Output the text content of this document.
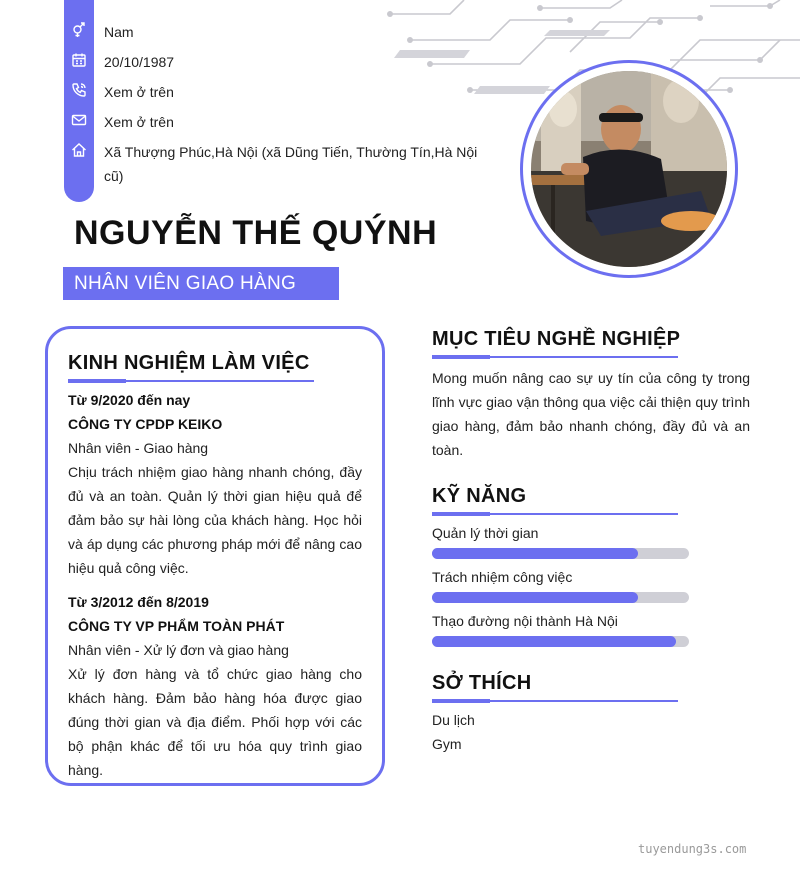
Nam
20/10/1987
Xem ở trên
Xem ở trên
Xã Thượng Phúc,Hà Nội (xã Dũng Tiến, Thường Tín,Hà Nội
cũ)
NGUYỄN THẾ QUÝNH
NHÂN VIÊN GIAO HÀNG
KINH NGHIỆM LÀM VIỆC
Từ 9/2020 đến nay
CÔNG TY CPDP KEIKO
Nhân viên - Giao hàng
Chịu trách nhiệm giao hàng nhanh chóng, đầy đủ và an toàn. Quản lý thời gian hiệu quả để đảm bảo sự hài lòng của khách hàng. Học hỏi và áp dụng các phương pháp mới để nâng cao hiệu quả công việc.
Từ 3/2012 đến 8/2019
CÔNG TY VP PHẨM TOÀN PHÁT
Nhân viên - Xử lý đơn và giao hàng
Xử lý đơn hàng và tổ chức giao hàng cho khách hàng. Đảm bảo hàng hóa được giao đúng thời gian và địa điểm. Phối hợp với các bộ phận khác để tối ưu hóa quy trình giao hàng.
MỤC TIÊU NGHỀ NGHIỆP
Mong muốn nâng cao sự uy tín của công ty trong lĩnh vực giao vận thông qua việc cải thiện quy trình giao hàng, đảm bảo nhanh chóng, đầy đủ và an toàn.
KỸ NĂNG
Quản lý thời gian
Trách nhiệm công việc
Thạo đường nội thành Hà Nội
SỞ THÍCH
Du lịch
Gym
tuyendung3s.com
